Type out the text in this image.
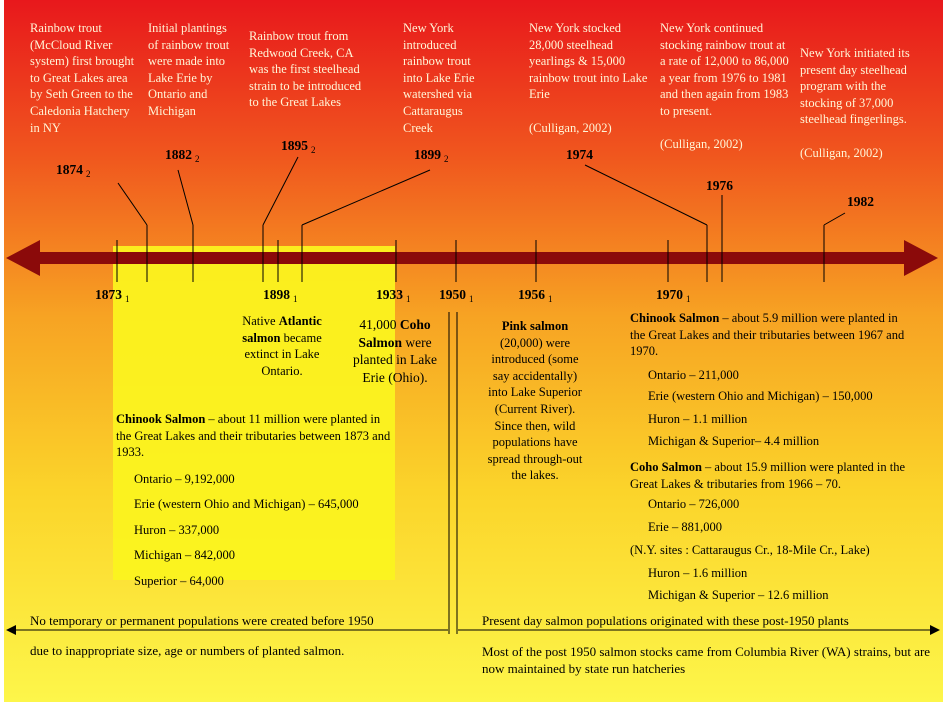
Rainbow trout (McCloud River system) first brought to Great Lakes area by Seth Green to the Caledonia Hatchery in NY
Initial plantings of rainbow trout were made into Lake Erie by Ontario and Michigan
Rainbow trout from Redwood Creek, CA was the first steelhead strain to be introduced to the Great Lakes
New York introduced rainbow trout into Lake Erie watershed via Cattaraugus Creek
New York stocked 28,000 steelhead yearlings & 15,000 rainbow trout into Lake Erie

(Culligan, 2002)
New York continued stocking rainbow trout at a rate of 12,000 to 86,000 a year from 1976 to 1981 and then again from 1983 to present.

(Culligan, 2002)
New York initiated its present day steelhead program with the stocking of 37,000 steelhead fingerlings.

(Culligan, 2002)
1874 $_2$
1882 $_2$
1895 $_2$	1899 $_2$	1974
1976
1982
1873 $_1$	1898 $_1$	1933 $_1$ 1950 $_1$	1956 $_1$	1970 $_1$
Native Atlantic salmon became extinct in Lake Ontario.
41,000 Coho Salmon were planted in Lake Erie (Ohio).
Pink salmon (20,000) were introduced (some say accidentally) into Lake Superior (Current River). Since then, wild populations have spread through-out the lakes.
Chinook Salmon – about 11 million were planted in the Great Lakes and their tributaries between 1873 and 1933.
Ontario – 9,192,000
Erie (western Ohio and Michigan) – 645,000
Huron – 337,000
Michigan – 842,000
Superior – 64,000
Chinook Salmon – about 5.9 million were planted in the Great Lakes and their tributaries between 1967 and 1970.
Ontario – 211,000
Erie (western Ohio and Michigan) – 150,000
Huron – 1.1 million
Michigan & Superior– 4.4 million
Coho Salmon – about 15.9 million were planted in the Great Lakes & tributaries from 1966 – 70.
Ontario – 726,000
Erie – 881,000
(N.Y. sites : Cattaraugus Cr., 18-Mile Cr., Lake)
Huron – 1.6 million
Michigan & Superior – 12.6 million
No temporary or permanent populations were created before 1950
due to inappropriate size, age or numbers of planted salmon.
Present day salmon populations originated with these post-1950 plants
Most of the post 1950 salmon stocks came from Columbia River (WA) strains, but are now maintained by state run hatcheries
